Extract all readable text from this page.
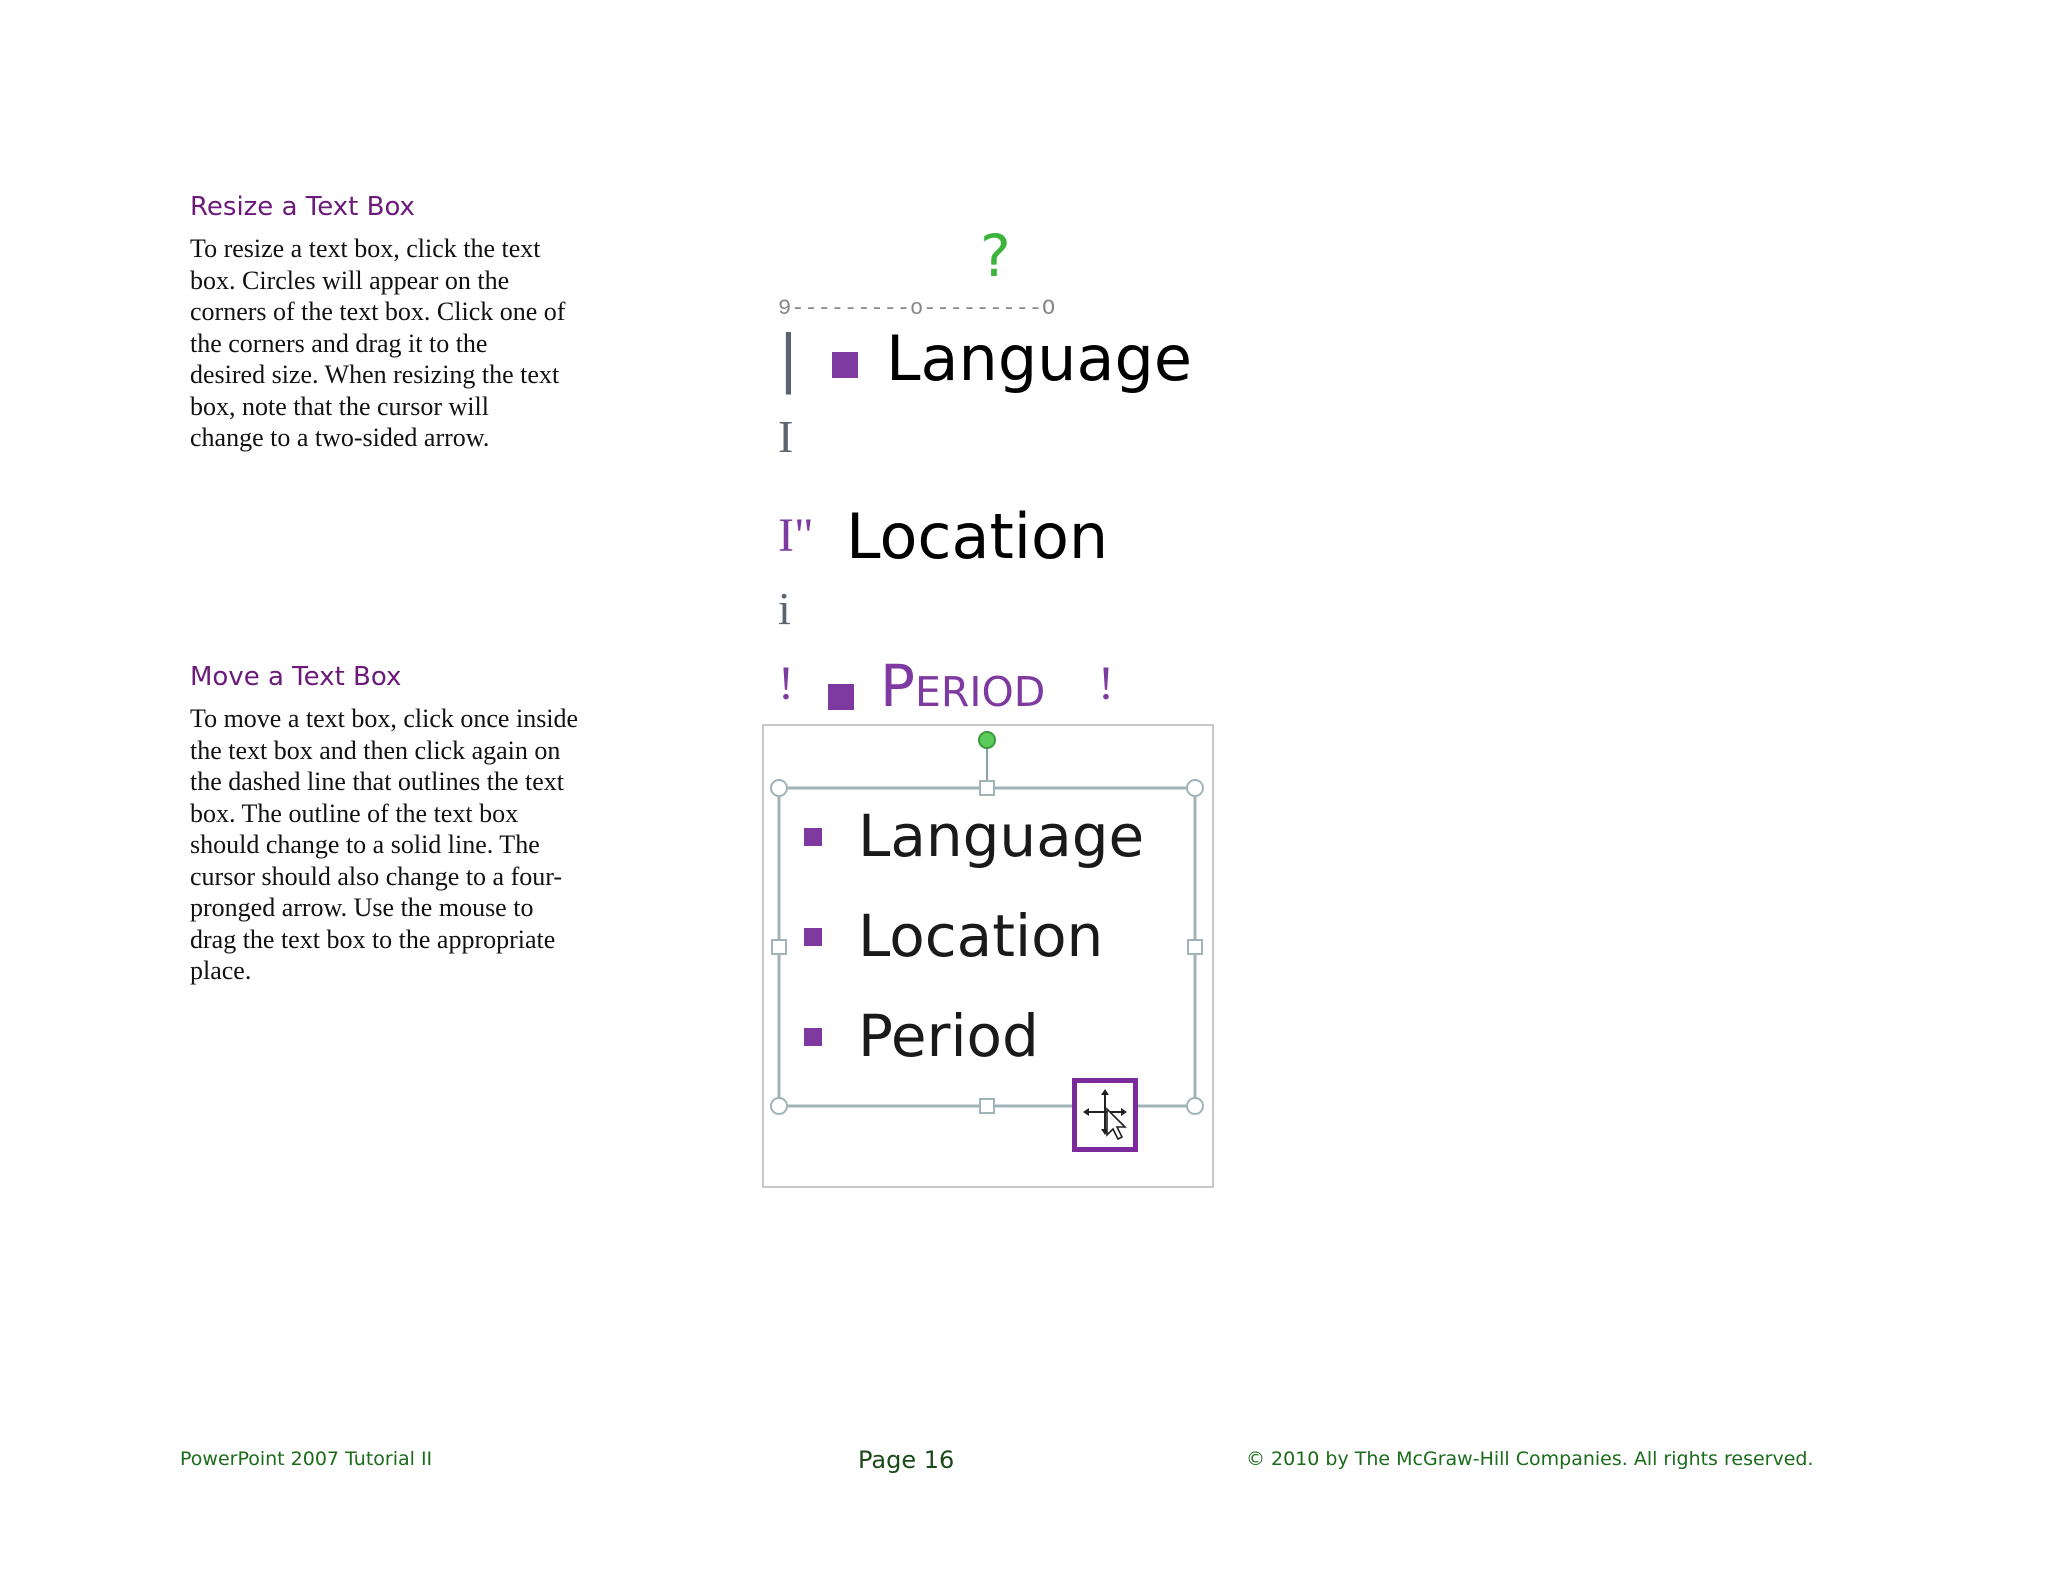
Resize a Text Box
To resize a text box, click the text
box. Circles will appear on the
corners of the text box. Click one of
the corners and drag it to the
desired size. When resizing the text
box, note that the cursor will
change to a two-sided arrow.
Move a Text Box
To move a text box, click once inside
the text box and then click again on
the dashed line that outlines the text
box. The outline of the text box
should change to a solid line. The
cursor should also change to a four-
pronged arrow. Use the mouse to
drag the text box to the appropriate
place.
?
9---------o---------O
| Language
I
I" Location
i
! Period !
Language
Location
Period
PowerPoint 2007 Tutorial II	Page 16	© 2010 by The McGraw-Hill Companies. All rights reserved.
